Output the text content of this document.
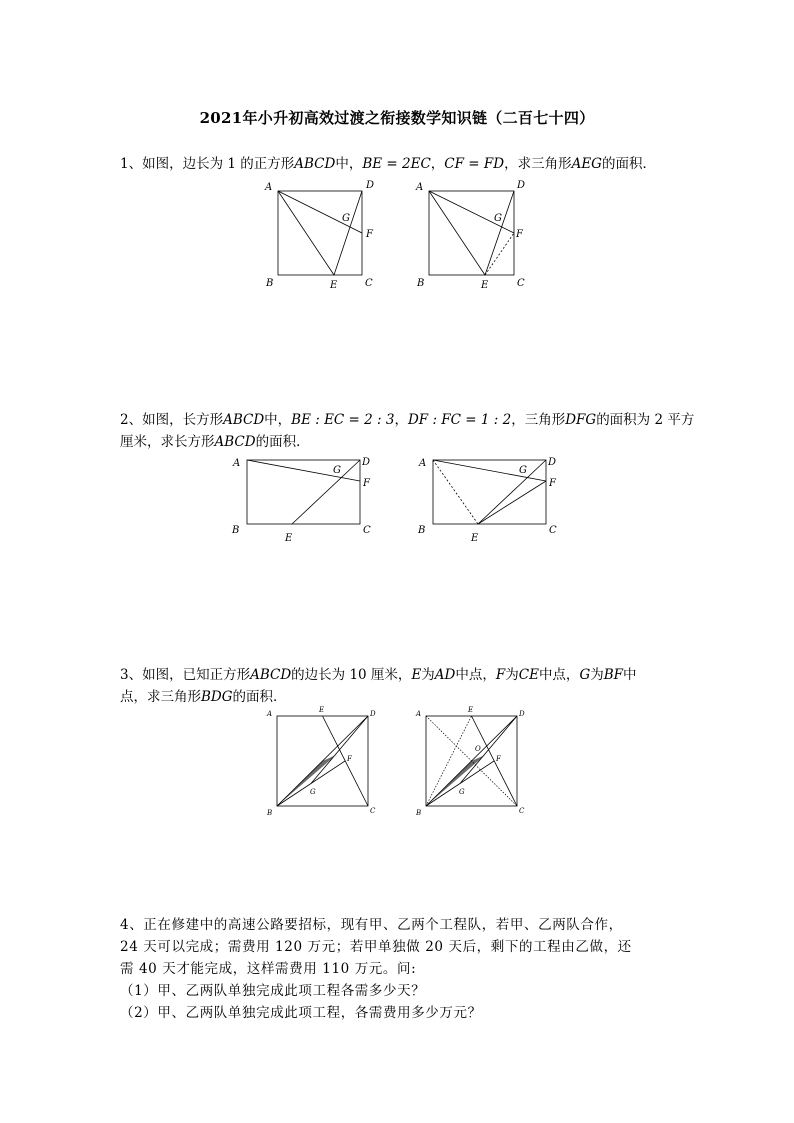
2021年小升初高效过渡之衔接数学知识链（二百七十四）
1、如图，边长为 1 的正方形ABCD中，BE = 2EC，CF = FD，求三角形AEG的面积．
A	D
G
F
B	E	C
A	D
G
F
B	E	C
2、如图，长方形ABCD中，BE : EC = 2 : 3，DF : FC = 1 : 2，三角形DFG的面积为 2 平方
厘米，求长方形ABCD的面积．
A	D
G
F
B
E
C
A	D
G
F
B
E
C
3、如图，已知正方形ABCD的边长为 10 厘米，E为AD中点，F为CE中点，G为BF中
点，求三角形BDG的面积．
A	E	D
F
G
B	C
A	E	D
O
F
G
B	C
4、正在修建中的高速公路要招标，现有甲、乙两个工程队，若甲、乙两队合作，
24 天可以完成；需费用 120 万元；若甲单独做 20 天后，剩下的工程由乙做，还
需 40 天才能完成，这样需费用 110 万元。问:
（1）甲、乙两队单独完成此项工程各需多少天？
（2）甲、乙两队单独完成此项工程，各需费用多少万元？
